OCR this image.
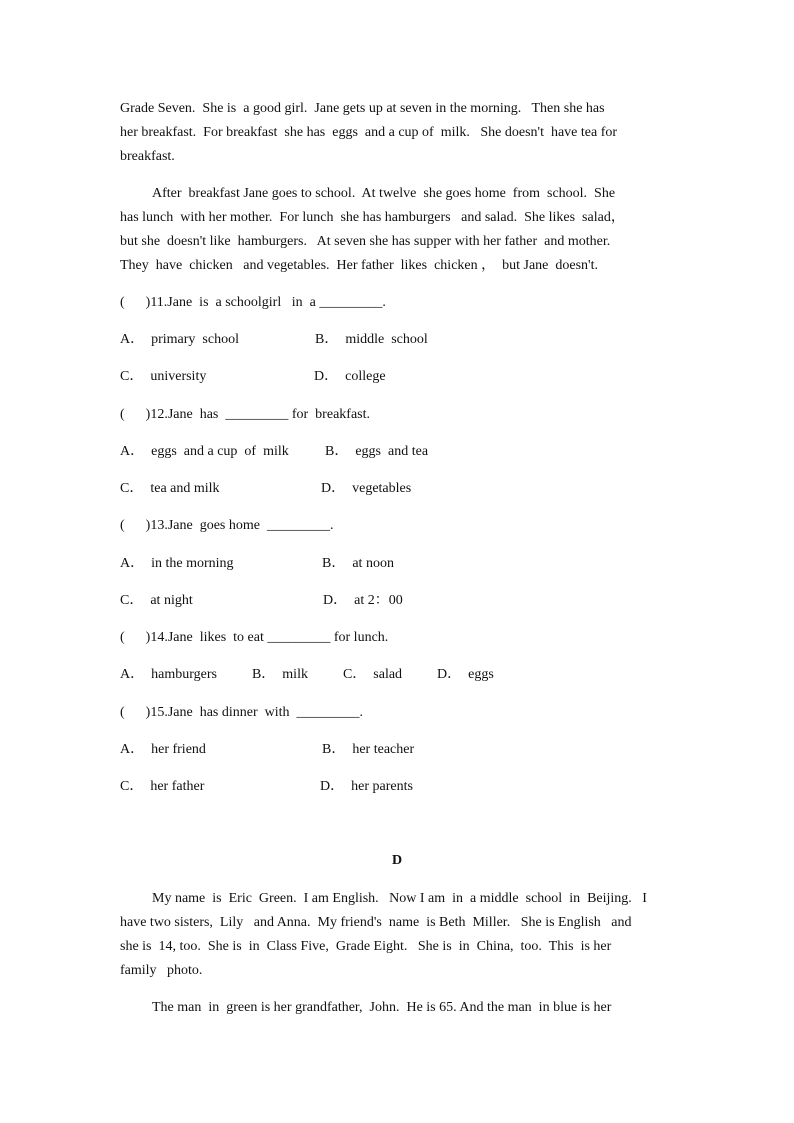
Grade Seven.  She is  a good girl.  Jane gets up at seven in the morning.   Then she has
her breakfast.  For breakfast  she has  eggs  and a cup of  milk.   She doesn't  have tea for
breakfast.
After  breakfast Jane goes to school.  At twelve  she goes home  from  school.  She
has lunch  with her mother.  For lunch  she has hamburgers   and salad.  She likes  salad，
but she  doesn't like  hamburgers.   At seven she has supper with her father  and mother.
They  have  chicken   and vegetables.  Her father  likes  chicken ，  but Jane  doesn't.
(      )11.Jane  is  a schoolgirl   in  a _________.
A．  primary  school	B．  middle  school
C．  university	D．  college
(      )12.Jane  has  _________ for  breakfast.
A．  eggs  and a cup  of  milk	B．  eggs  and tea
C．  tea and milk	D．  vegetables
(      )13.Jane  goes home  _________.
A．  in the morning	B．  at noon
C．  at night	D．  at 2：00
(      )14.Jane  likes  to eat _________ for lunch.
A．  hamburgers          B．  milk          C．  salad          D．  eggs
(      )15.Jane  has dinner  with  _________.
A．  her friend	B．  her teacher
C．  her father	D．  her parents
D
My name  is  Eric  Green.  I am English.   Now I am  in  a middle  school  in  Beijing.   I
have two sisters,  Lily   and Anna.  My friend's  name  is Beth  Miller.   She is English   and
she is  14, too.  She is  in  Class Five,  Grade Eight.   She is  in  China,  too.  This  is her
family   photo.
The man  in  green is her grandfather,  John.  He is 65. And the man  in blue is her
